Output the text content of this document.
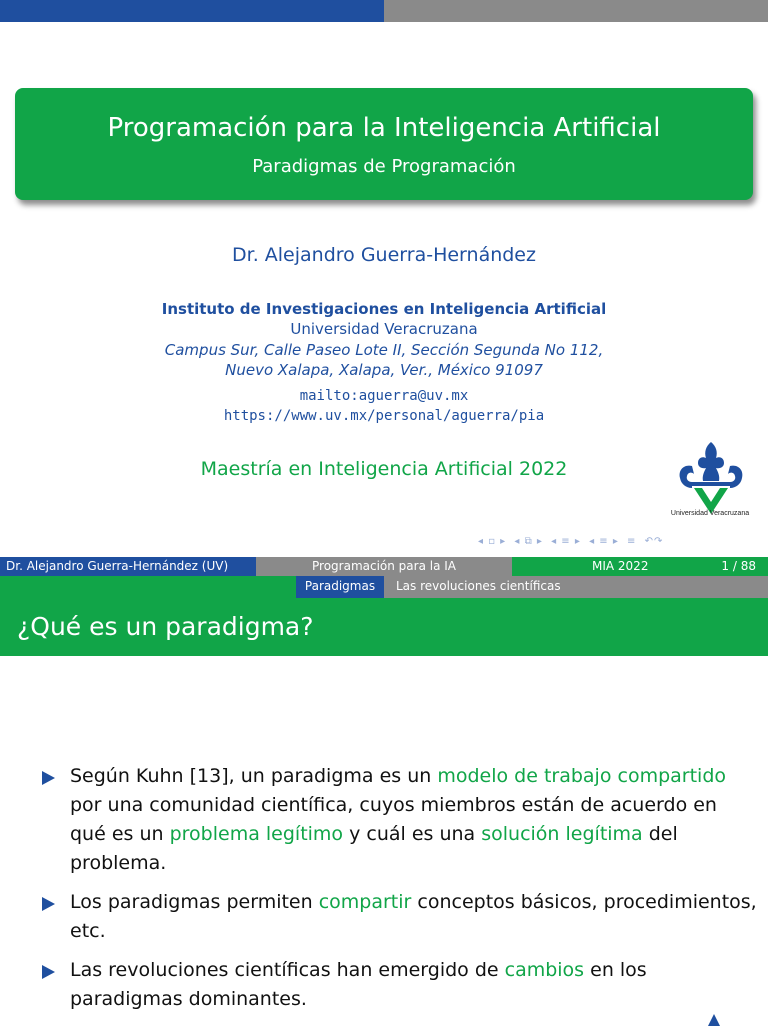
Programación para la Inteligencia Artificial
Paradigmas de Programación
Dr. Alejandro Guerra-Hernández
Instituto de Investigaciones en Inteligencia Artificial
Universidad Veracruzana
Campus Sur, Calle Paseo Lote II, Sección Segunda No 112,
Nuevo Xalapa, Xalapa, Ver., México 91097
mailto:aguerra@uv.mx
https://www.uv.mx/personal/aguerra/pia
Maestría en Inteligencia Artificial 2022
Universidad Veracruzana
◂ ▫ ▸ ◂ ⧉ ▸ ◂ ≡ ▸ ◂ ≡ ▸ ≡ ↶↷
Dr. Alejandro Guerra-Hernández (UV)	Programación para la IA	MIA 2022	1 / 88
Paradigmas	Las revoluciones científicas
¿Qué es un paradigma?
Según Kuhn [13], un paradigma es un modelo de trabajo compartido por una comunidad científica, cuyos miembros están de acuerdo en qué es un problema legítimo y cuál es una solución legítima del problema.
Los paradigmas permiten compartir conceptos básicos, procedimientos, etc.
Las revoluciones científicas han emergido de cambios en los paradigmas dominantes.
